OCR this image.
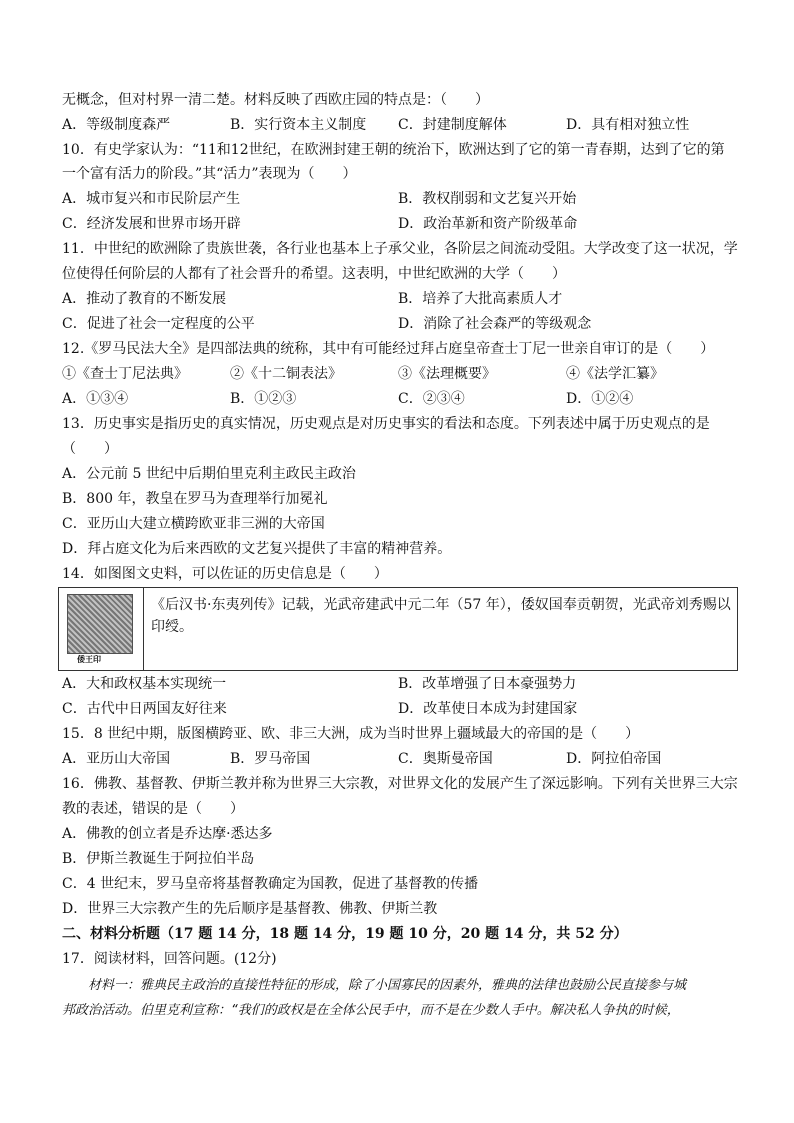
无概念，但对村界一清二楚。材料反映了西欧庄园的特点是：（　　）
A．等级制度森严	B．实行资本主义制度 C．封建制度解体	D．具有相对独立性
10．有史学家认为：“11和12世纪，在欧洲封建王朝的统治下，欧洲达到了它的第一青春期，达到了它的第
一个富有活力的阶段。”其“活力”表现为（　　）
A．城市复兴和市民阶层产生	B．教权削弱和文艺复兴开始
C．经济发展和世界市场开辟	D．政治革新和资产阶级革命
11．中世纪的欧洲除了贵族世袭，各行业也基本上子承父业，各阶层之间流动受阻。大学改变了这一状况，学
位使得任何阶层的人都有了社会晋升的希望。这表明，中世纪欧洲的大学（　　）
A．推动了教育的不断发展	B．培养了大批高素质人才
C．促进了社会一定程度的公平	D．消除了社会森严的等级观念
12.《罗马民法大全》是四部法典的统称，其中有可能经过拜占庭皇帝查士丁尼一世亲自审订的是（　　）
①《查士丁尼法典》	②《十二铜表法》	③《法理概要》	④《法学汇纂》
A．①③④	B．①②③	C．②③④	D．①②④
13．历史事实是指历史的真实情况，历史观点是对历史事实的看法和态度。下列表述中属于历史观点的是
（　　）
A．公元前 5 世纪中后期伯里克利主政民主政治
B．800 年，教皇在罗马为查理举行加冕礼
C．亚历山大建立横跨欧亚非三洲的大帝国
D．拜占庭文化为后来西欧的文艺复兴提供了丰富的精神营养。
14．如图图文史料，可以佐证的历史信息是（　　）
倭王印
《后汉书·东夷列传》记载，光武帝建武中元二年（57 年），倭奴国奉贡朝贺，光武帝刘秀赐以印绶。
A．大和政权基本实现统一	B．改革增强了日本豪强势力
C．古代中日两国友好往来	D．改革使日本成为封建国家
15．8 世纪中期，版图横跨亚、欧、非三大洲，成为当时世界上疆域最大的帝国的是（　　）
A．亚历山大帝国	B．罗马帝国	C．奥斯曼帝国	D．阿拉伯帝国
16．佛教、基督教、伊斯兰教并称为世界三大宗教，对世界文化的发展产生了深远影响。下列有关世界三大宗
教的表述，错误的是（　　）
A．佛教的创立者是乔达摩·悉达多
B．伊斯兰教诞生于阿拉伯半岛
C．4 世纪末，罗马皇帝将基督教确定为国教，促进了基督教的传播
D．世界三大宗教产生的先后顺序是基督教、佛教、伊斯兰教
二、材料分析题（17 题 14 分，18 题 14 分，19 题 10 分，20 题 14 分，共 52 分）
17．阅读材料，回答问题。(12分)
　　材料一：雅典民主政治的直接性特征的形成，除了小国寡民的因素外，雅典的法律也鼓励公民直接参与城
邦政治活动。伯里克利宣称：“我们的政权是在全体公民手中，而不是在少数人手中。解决私人争执的时候，
